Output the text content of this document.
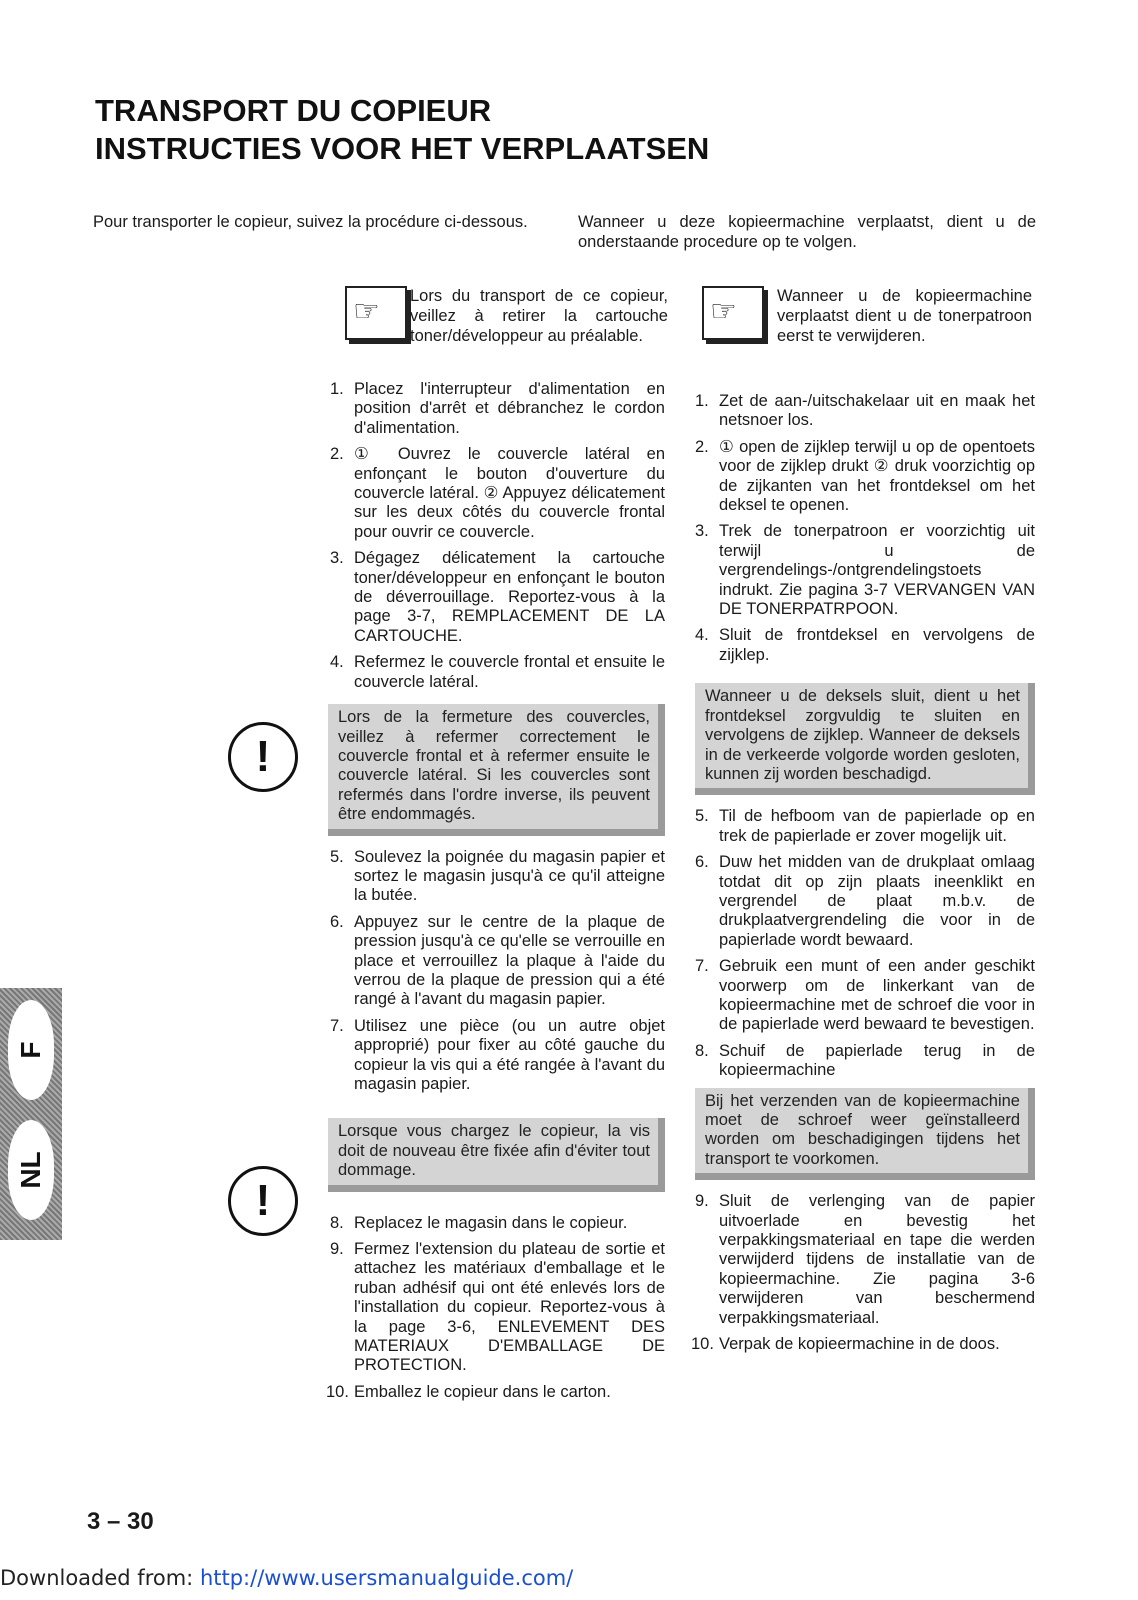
TRANSPORT DU COPIEUR
INSTRUCTIES VOOR HET VERPLAATSEN
Pour transporter le copieur, suivez la procédure ci-dessous.	Wanneer u deze kopieermachine verplaatst, dient u de onderstaande procedure op te volgen.
☞ Lors du transport de ce copieur, veillez à retirer la cartouche toner/développeur au préalable.
☞ Wanneer u de kopieermachine verplaatst dient u de tonerpatroon eerst te verwijderen.
!
!
1. Placez l'interrupteur d'alimentation en position d'arrêt et débranchez le cordon d'alimentation.
2. ① Ouvrez le couvercle latéral en enfonçant le bouton d'ouverture du couvercle latéral. ② Appuyez délicatement sur les deux côtés du couvercle frontal pour ouvrir ce couvercle.
3. Dégagez délicatement la cartouche toner/développeur en enfonçant le bouton de déverrouillage. Reportez-vous à la page 3-7, REMPLACEMENT DE LA CARTOUCHE.
4. Refermez le couvercle frontal et ensuite le couvercle latéral.
Lors de la fermeture des couvercles, veillez à refermer correctement le couvercle frontal et à refermer ensuite le couvercle latéral. Si les couvercles sont refermés dans l'ordre inverse, ils peuvent être endommagés.
5. Soulevez la poignée du magasin papier et sortez le magasin jusqu'à ce qu'il atteigne la butée.
6. Appuyez sur le centre de la plaque de pression jusqu'à ce qu'elle se verrouille en place et verrouillez la plaque à l'aide du verrou de la plaque de pression qui a été rangé à l'avant du magasin papier.
7. Utilisez une pièce (ou un autre objet approprié) pour fixer au côté gauche du copieur la vis qui a été rangée à l'avant du magasin papier.
Lorsque vous chargez le copieur, la vis doit de nouveau être fixée afin d'éviter tout dommage.
8. Replacez le magasin dans le copieur.
9. Fermez l'extension du plateau de sortie et attachez les matériaux d'emballage et le ruban adhésif qui ont été enlevés lors de l'installation du copieur. Reportez-vous à la page 3-6, ENLEVEMENT DES MATERIAUX D'EMBALLAGE DE PROTECTION.
10. Emballez le copieur dans le carton.
1. Zet de aan-/uitschakelaar uit en maak het netsnoer los.
2. ① open de zijklep terwijl u op de opentoets voor de zijklep drukt ② druk voorzichtig op de zijkanten van het frontdeksel om het deksel te openen.
3. Trek de tonerpatroon er voorzichtig uit terwijl u de vergrendelings-/ontgrendelingstoets indrukt. Zie pagina 3-7 VERVANGEN VAN DE TONERPATRPOON.
4. Sluit de frontdeksel en vervolgens de zijklep.
Wanneer u de deksels sluit, dient u het frontdeksel zorgvuldig te sluiten en vervolgens de zijklep. Wanneer de deksels in de verkeerde volgorde worden gesloten, kunnen zij worden beschadigd.
5. Til de hefboom van de papierlade op en trek de papierlade er zover mogelijk uit.
6. Duw het midden van de drukplaat omlaag totdat dit op zijn plaats ineenklikt en vergrendel de plaat m.b.v. de drukplaatvergrendeling die voor in de papierlade wordt bewaard.
7. Gebruik een munt of een ander geschikt voorwerp om de linkerkant van de kopieermachine met de schroef die voor in de papierlade werd bewaard te bevestigen.
8. Schuif de papierlade terug in de kopieermachine
Bij het verzenden van de kopieermachine moet de schroef weer geïnstalleerd worden om beschadigingen tijdens het transport te voorkomen.
9. Sluit de verlenging van de papier uitvoerlade en bevestig het verpakkingsmateriaal en tape die werden verwijderd tijdens de installatie van de kopieermachine. Zie pagina 3-6 verwijderen van beschermend verpakkingsmateriaal.
10. Verpak de kopieermachine in de doos.
F
NL
3 – 30
Downloaded from: http://www.usersmanualguide.com/
